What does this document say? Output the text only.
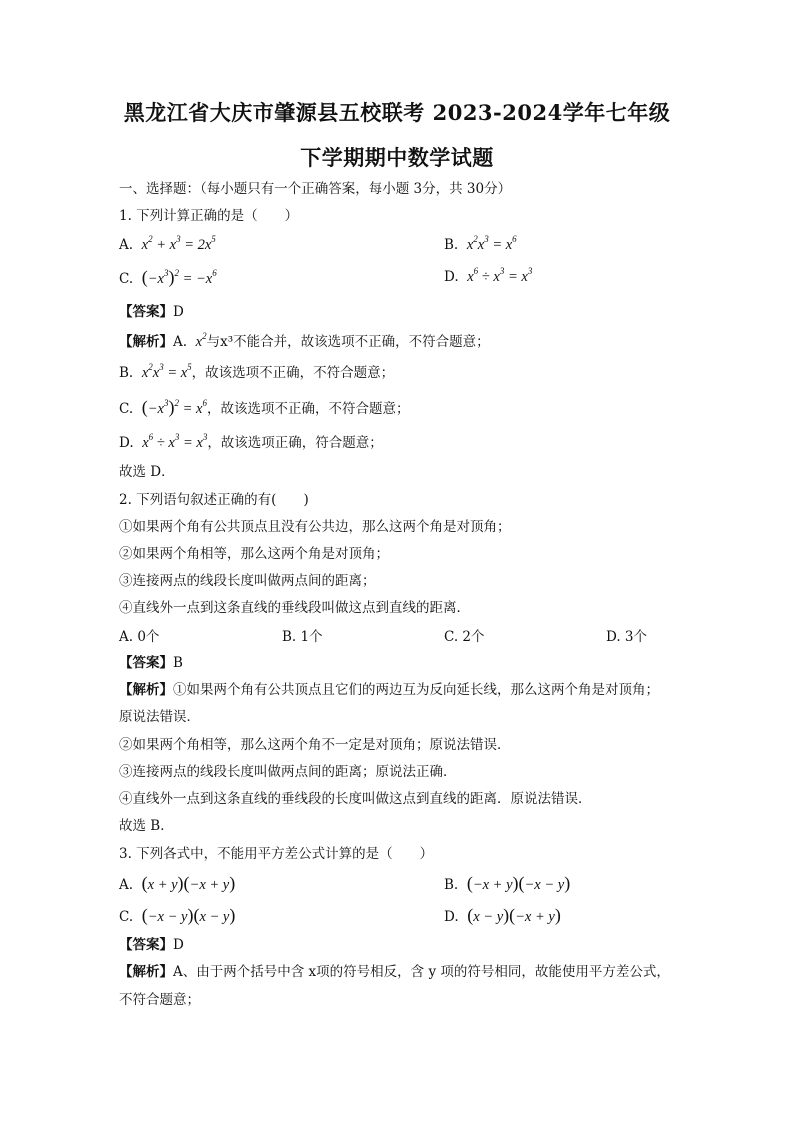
黑龙江省大庆市肇源县五校联考 2023-2024学年七年级
下学期期中数学试题
一、选择题：（每小题只有一个正确答案，每小题 3分，共 30分）
1. 下列计算正确的是（　　）
A. $x^2 + x^3 = 2x^5$	B. $x^2x^3 = x^6$
C. $(-x^3)^2 = -x^6$	D. $x^6 \div x^3 = x^3$
【答案】D
【解析】A. $x^2$与x³不能合并，故该选项不正确，不符合题意；
B. $x^2x^3 = x^5$，故该选项不正确，不符合题意；
C. $(-x^3)^2 = x^6$，故该选项不正确，不符合题意；
D. $x^6 \div x^3 = x^3$，故该选项正确，符合题意；
故选 D．
2. 下列语句叙述正确的有(　　)
①如果两个角有公共顶点且没有公共边，那么这两个角是对顶角；
②如果两个角相等，那么这两个角是对顶角；
③连接两点的线段长度叫做两点间的距离；
④直线外一点到这条直线的垂线段叫做这点到直线的距离．
A. 0个	B. 1个	C. 2个	D. 3个
【答案】B
【解析】①如果两个角有公共顶点且它们的两边互为反向延长线，那么这两个角是对顶角；
原说法错误．
②如果两个角相等，那么这两个角不一定是对顶角；原说法错误．
③连接两点的线段长度叫做两点间的距离；原说法正确．
④直线外一点到这条直线的垂线段的长度叫做这点到直线的距离．原说法错误．
故选 B．
3. 下列各式中，不能用平方差公式计算的是（　　）
A. (x + y)(−x + y)	B. (−x + y)(−x − y)
C. (−x − y)(x − y)	D. (x − y)(−x + y)
【答案】D
【解析】A、由于两个括号中含 x项的符号相反，含 y 项的符号相同，故能使用平方差公式，
不符合题意；
